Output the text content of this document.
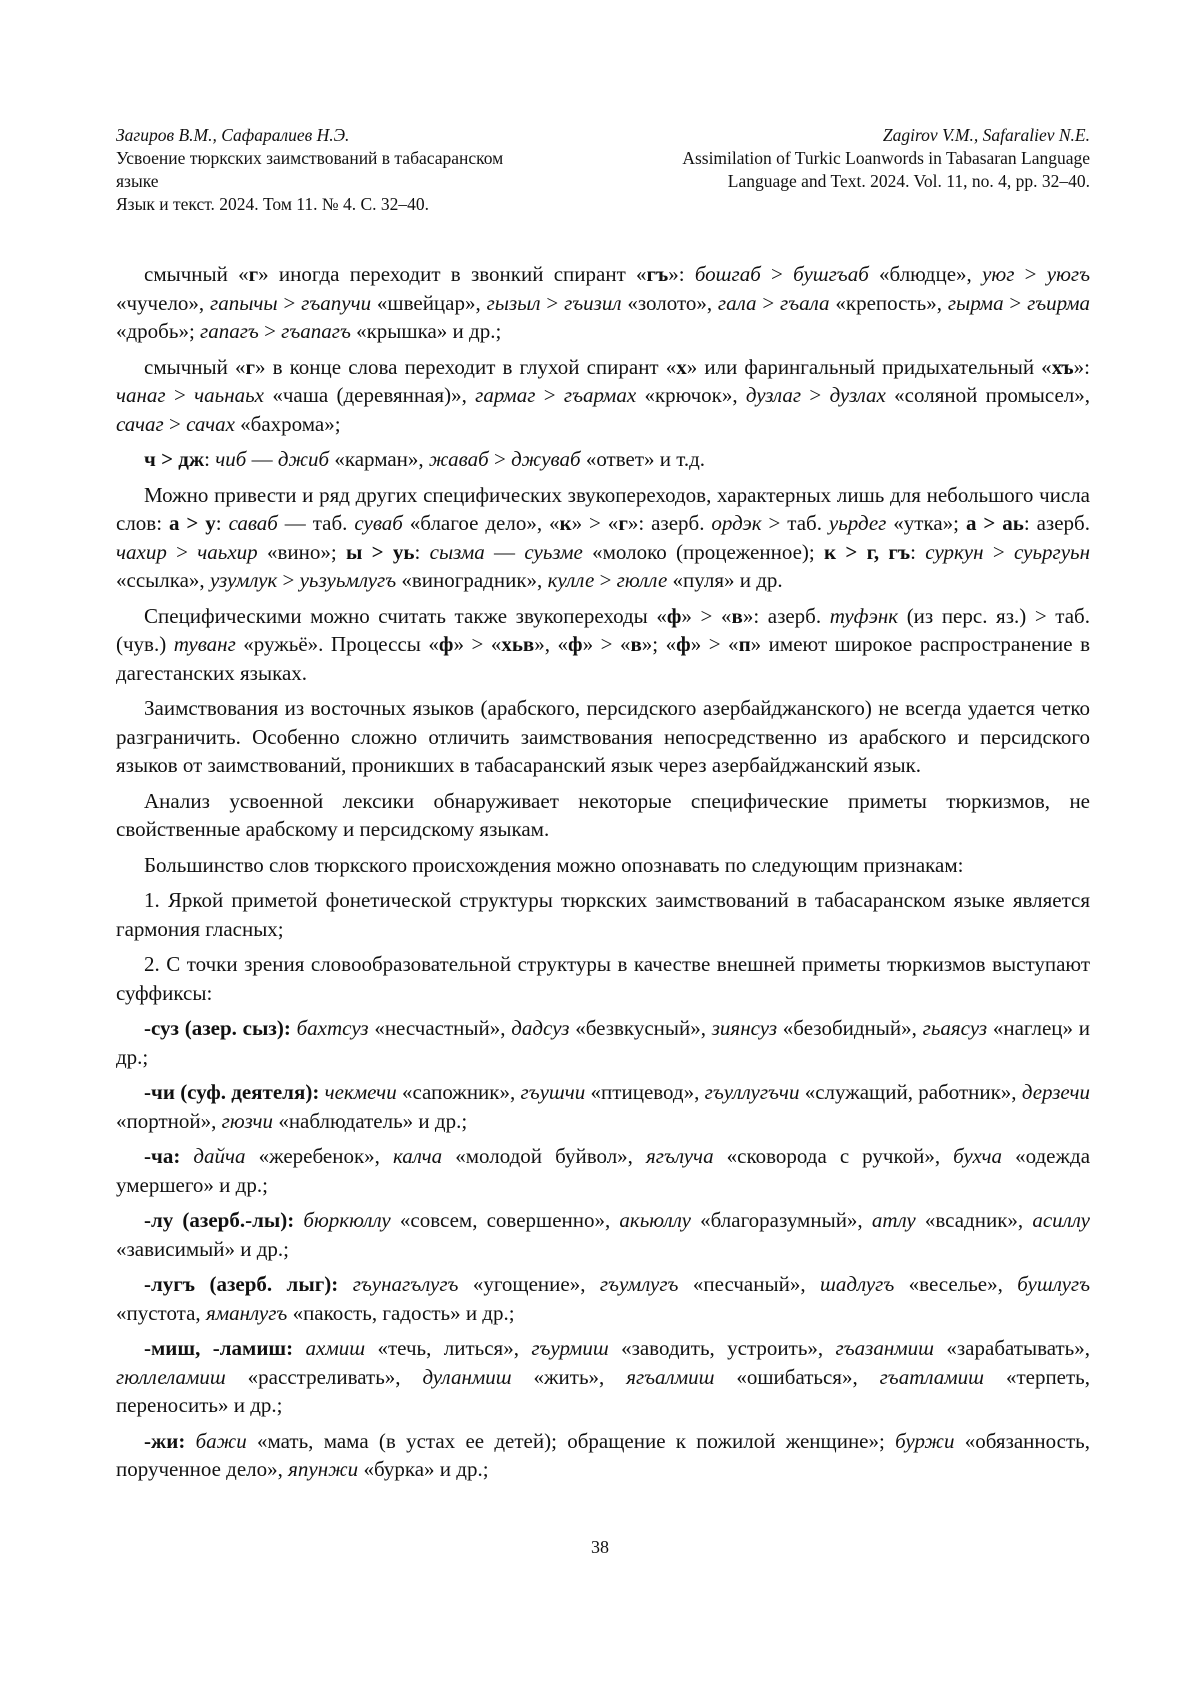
Загиров В.М., Сафаралиев Н.Э.
Усвоение тюркских заимствований в табасаранском
языке
Язык и текст. 2024. Том 11. № 4. С. 32–40.
Zagirov V.M., Safaraliev N.E.
Assimilation of Turkic Loanwords in Tabasaran Language
Language and Text. 2024. Vol. 11, no. 4, pp. 32–40.

смычный «г» иногда переходит в звонкий спирант «гъ»: бошгаб > бушгъаб «блюдце», уюг > уюгъ «чучело», гапычы > гъапучи «швейцар», гызыл > гъизил «золото», гала > гъала «крепость», гырма > гъирма «дробь»; гапагъ > гъапагъ «крышка» и др.;

смычный «г» в конце слова переходит в глухой спирант «х» или фарингальный придыхательный «хъ»: чанаг > чаьнаьх «чаша (деревянная)», гармаг > гъармах «крючок», дузлаг > дузлах «соляной промысел», сачаг > сачах «бахрома»;

ч > дж: чиб — джиб «карман», жаваб > джуваб «ответ» и т.д.

Можно привести и ряд других специфических звукопереходов, характерных лишь для небольшого числа слов: а > у: саваб — таб. суваб «благое дело», «к» > «г»: азерб. ордэк > таб. уьрдег «утка»; а > аь: азерб. чахир > чаьхир «вино»; ы > уь: сызма — суьзме «молоко (процеженное); к > г, гъ: суркун > суьргуьн «ссылка», узумлук > уьзуьмлугъ «виноградник», кулле > гюлле «пуля» и др.

Специфическими можно считать также звукопереходы «ф» > «в»: азерб. туфэнк (из перс. яз.) > таб. (чув.) туванг «ружьё». Процессы «ф» > «хьв», «ф» > «в»; «ф» > «п» имеют широкое распространение в дагестанских языках.

Заимствования из восточных языков (арабского, персидского азербайджанского) не всегда удается четко разграничить. Особенно сложно отличить заимствования непосредственно из арабского и персидского языков от заимствований, проникших в табасаранский язык через азербайджанский язык.

Анализ усвоенной лексики обнаруживает некоторые специфические приметы тюркизмов, не свойственные арабскому и персидскому языкам.

Большинство слов тюркского происхождения можно опознавать по следующим признакам:

1. Яркой приметой фонетической структуры тюркских заимствований в табасаранском языке является гармония гласных;

2. С точки зрения словообразовательной структуры в качестве внешней приметы тюркизмов выступают суффиксы:

-суз (азер. сыз): бахтсуз «несчастный», дадсуз «безвкусный», зиянсуз «безобидный», гьаясуз «наглец» и др.;

-чи (суф. деятеля): чекмечи «сапожник», гъушчи «птицевод», гъуллугъчи «служащий, работник», дерзечи «портной», гюзчи «наблюдатель» и др.;

-ча: дайча «жеребенок», калча «молодой буйвол», ягълуча «сковорода с ручкой», бухча «одежда умершего» и др.;

-лу (азерб.-лы): бюркюллу «совсем, совершенно», акьюллу «благоразумный», атлу «всадник», асиллу «зависимый» и др.;

-лугъ (азерб. лыг): гъунагълугъ «угощение», гъумлугъ «песчаный», шадлугъ «веселье», бушлугъ «пустота, яманлугъ «пакость, гадость» и др.;

-миш, -ламиш: ахмиш «течь, литься», гъурмиш «заводить, устроить», гъазанмиш «зарабатывать», гюллеламиш «расстреливать», дуланмиш «жить», ягъалмиш «ошибаться», гъатламиш «терпеть, переносить» и др.;

-жи: бажи «мать, мама (в устах ее детей); обращение к пожилой женщине»; буржи «обязанность, порученное дело», япунжи «бурка» и др.;

38
